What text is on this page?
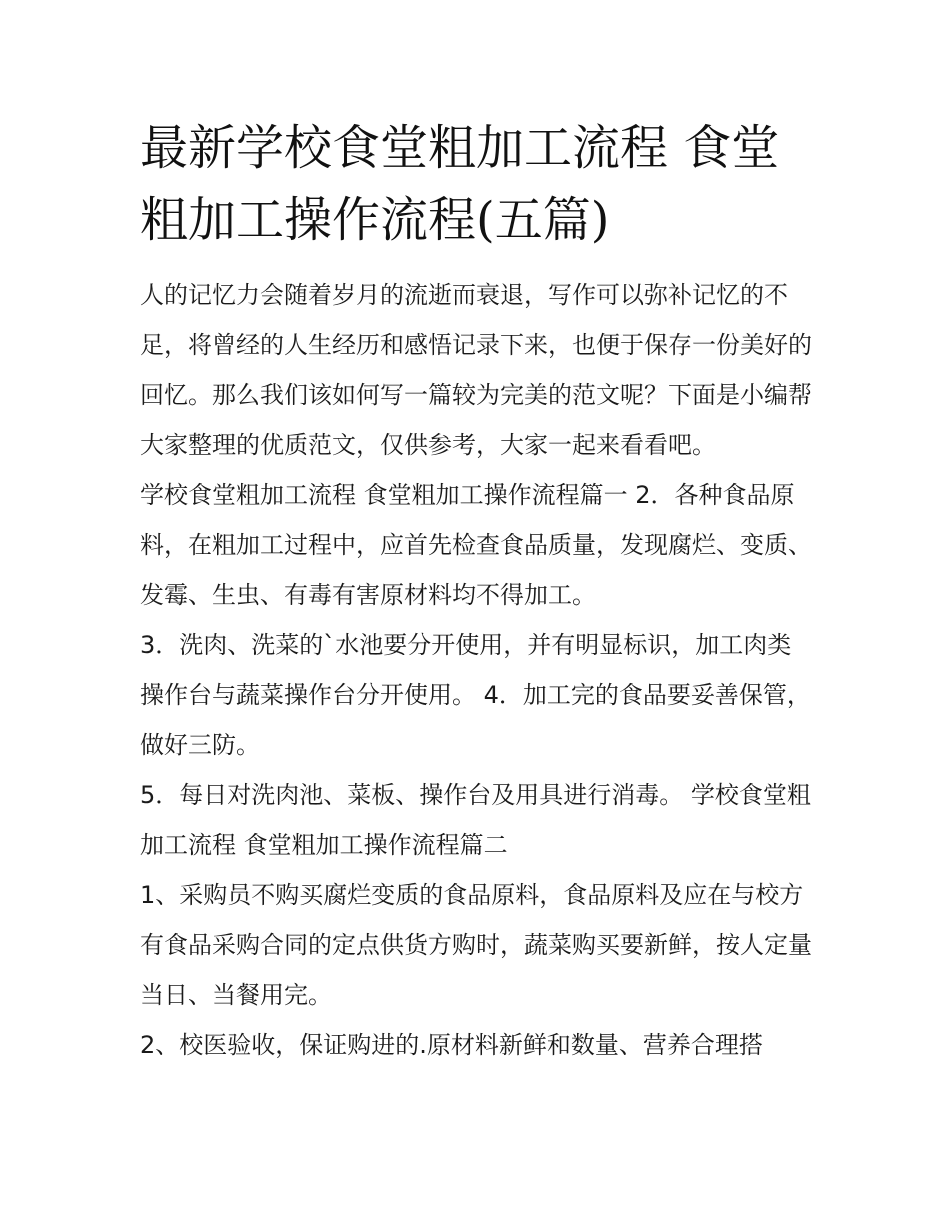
最新学校食堂粗加工流程 食堂粗加工操作流程(五篇)

人的记忆力会随着岁月的流逝而衰退，写作可以弥补记忆的不足，将曾经的人生经历和感悟记录下来，也便于保存一份美好的回忆。那么我们该如何写一篇较为完美的范文呢？下面是小编帮大家整理的优质范文，仅供参考，大家一起来看看吧。

学校食堂粗加工流程 食堂粗加工操作流程篇一 2．各种食品原料，在粗加工过程中，应首先检查食品质量，发现腐烂、变质、发霉、生虫、有毒有害原材料均不得加工。

3．洗肉、洗菜的`水池要分开使用，并有明显标识，加工肉类操作台与蔬菜操作台分开使用。 4．加工完的食品要妥善保管，做好三防。

5．每日对洗肉池、菜板、操作台及用具进行消毒。 学校食堂粗加工流程 食堂粗加工操作流程篇二

1、采购员不购买腐烂变质的食品原料，食品原料及应在与校方有食品采购合同的定点供货方购时，蔬菜购买要新鲜，按人定量当日、当餐用完。

2、校医验收，保证购进的.原材料新鲜和数量、营养合理搭
